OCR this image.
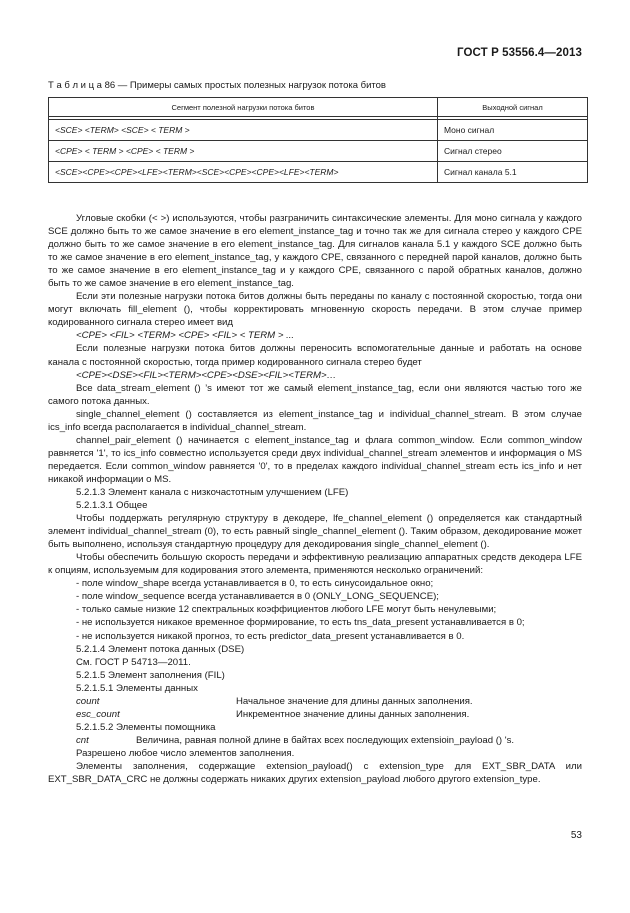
ГОСТ Р 53556.4—2013
Т а б л и ц а 86 — Примеры самых простых полезных нагрузок потока битов
Сегмент полезной нагрузки потока битов	Выходной сигнал

<SCE> <TERM> <SCE> < TERM >	Моно сигнал
<CPE> < TERM > <CPE> < TERM >	Сигнал стерео
<SCE><CPE><CPE><LFE><TERM><SCE><CPE><CPE><LFE><TERM>	Сигнал канала 5.1

Угловые скобки (< >) используются, чтобы разграничить синтаксические элементы. Для моно сигнала у каждого SCE должно быть то же самое значение в его element_instance_tag и точно так же для сигнала стерео у каждого CPE должно быть то же самое значение в его element_instance_tag. Для сигналов канала 5.1 у каждого SCE должно быть то же самое значение в его element_instance_tag, у каждого CPE, связанного с передней парой каналов, должно быть то же самое значение в его element_instance_tag и у каждого CPE, связанного с парой обратных каналов, должно быть то же самое значение в его element_instance_tag.

Если эти полезные нагрузки потока битов должны быть переданы по каналу с постоянной скоростью, тогда они могут включать fill_element (), чтобы корректировать мгновенную скорость передачи. В этом случае пример кодированного сигнала стерео имеет вид

<CPE> <FIL> <TERM> <CPE> <FIL> < TERM > ...

Если полезные нагрузки потока битов должны переносить вспомогательные данные и работать на основе канала с постоянной скоростью, тогда пример кодированного сигнала стерео будет

<CPE><DSE><FIL><TERM><CPE><DSE><FIL><TERM>…

Все data_stream_element () ’s имеют тот же самый element_instance_tag, если они являются частью того же самого потока данных.

single_channel_element () составляется из element_instance_tag и individual_channel_stream. В этом случае ics_info всегда располагается в individual_channel_stream.

channel_pair_element () начинается с element_instance_tag и флага common_window. Если common_window равняется '1', то ics_info совместно используется среди двух individual_channel_stream элементов и информация о MS передается. Если common_window равняется '0', то в пределах каждого individual_channel_stream есть ics_info и нет никакой информации о MS.

5.2.1.3 Элемент канала с низкочастотным улучшением (LFE)

5.2.1.3.1 Общее

Чтобы поддержать регулярную структуру в декодере, lfe_channel_element () определяется как стандартный элемент individual_channel_stream (0), то есть равный single_channel_element (). Таким образом, декодирование может быть выполнено, используя стандартную процедуру для декодирования single_channel_element ().

Чтобы обеспечить большую скорость передачи и эффективную реализацию аппаратных средств декодера LFE к опциям, используемым для кодирования этого элемента, применяются несколько ограничений:

- поле window_shape всегда устанавливается в 0, то есть синусоидальное окно;

- поле window_sequence всегда устанавливается в 0 (ONLY_LONG_SEQUENCE);

- только самые низкие 12 спектральных коэффициентов любого LFE могут быть ненулевыми;

- не используется никакое временное формирование, то есть tns_data_present устанавливается в 0;

- не используется никакой прогноз, то есть predictor_data_present устанавливается в 0.

5.2.1.4 Элемент потока данных (DSE)

См. ГОСТ Р 54713—2011.

5.2.1.5 Элемент заполнения (FIL)

5.2.1.5.1 Элементы данных

count	Начальное значение для длины данных заполнения.
esc_count	Инкрементное значение длины данных заполнения.

5.2.1.5.2 Элементы помощника

cnt	Величина, равная полной длине в байтах всех последующих extensioin_payload () 's.

Разрешено любое число элементов заполнения.

Элементы заполнения, содержащие extension_payload() с extension_type для EXT_SBR_DATA или EXT_SBR_DATA_CRC не должны содержать никаких других extension_payload любого другого extension_type.

53
